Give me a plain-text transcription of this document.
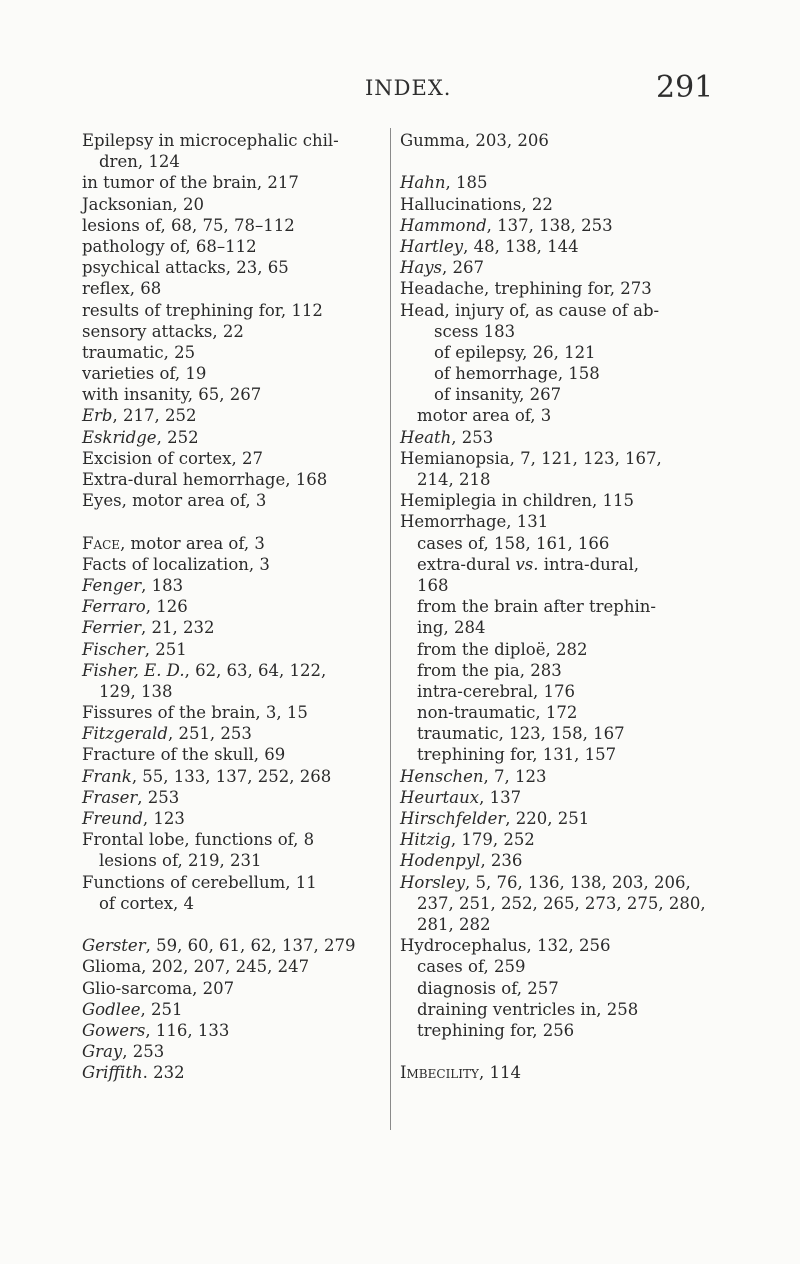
INDEX.	291
Epilepsy in microcephalic chil-
dren, 124
in tumor of the brain, 217
Jacksonian, 20
lesions of, 68, 75, 78–112
pathology of, 68–112
psychical attacks, 23, 65
reflex, 68
results of trephining for, 112
sensory attacks, 22
traumatic, 25
varieties of, 19
with insanity, 65, 267
Erb, 217, 252
Eskridge, 252
Excision of cortex, 27
Extra-dural hemorrhage, 168
Eyes, motor area of, 3
Face, motor area of, 3
Facts of localization, 3
Fenger, 183
Ferraro, 126
Ferrier, 21, 232
Fischer, 251
Fisher, E. D., 62, 63, 64, 122,
129, 138
Fissures of the brain, 3, 15
Fitzgerald, 251, 253
Fracture of the skull, 69
Frank, 55, 133, 137, 252, 268
Fraser, 253
Freund, 123
Frontal lobe, functions of, 8
lesions of, 219, 231
Functions of cerebellum, 11
of cortex, 4
Gerster, 59, 60, 61, 62, 137, 279
Glioma, 202, 207, 245, 247
Glio-sarcoma, 207
Godlee, 251
Gowers, 116, 133
Gray, 253
Griffith. 232
Gumma, 203, 206
Hahn, 185
Hallucinations, 22
Hammond, 137, 138, 253
Hartley, 48, 138, 144
Hays, 267
Headache, trephining for, 273
Head, injury of, as cause of ab-
scess 183
of epilepsy, 26, 121
of hemorrhage, 158
of insanity, 267
motor area of, 3
Heath, 253
Hemianopsia, 7, 121, 123, 167,
214, 218
Hemiplegia in children, 115
Hemorrhage, 131
cases of, 158, 161, 166
extra-dural vs. intra-dural,
168
from the brain after trephin-
ing, 284
from the diploë, 282
from the pia, 283
intra-cerebral, 176
non-traumatic, 172
traumatic, 123, 158, 167
trephining for, 131, 157
Henschen, 7, 123
Heurtaux, 137
Hirschfelder, 220, 251
Hitzig, 179, 252
Hodenpyl, 236
Horsley, 5, 76, 136, 138, 203, 206,
237, 251, 252, 265, 273, 275, 280,
281, 282
Hydrocephalus, 132, 256
cases of, 259
diagnosis of, 257
draining ventricles in, 258
trephining for, 256
Imbecility, 114
